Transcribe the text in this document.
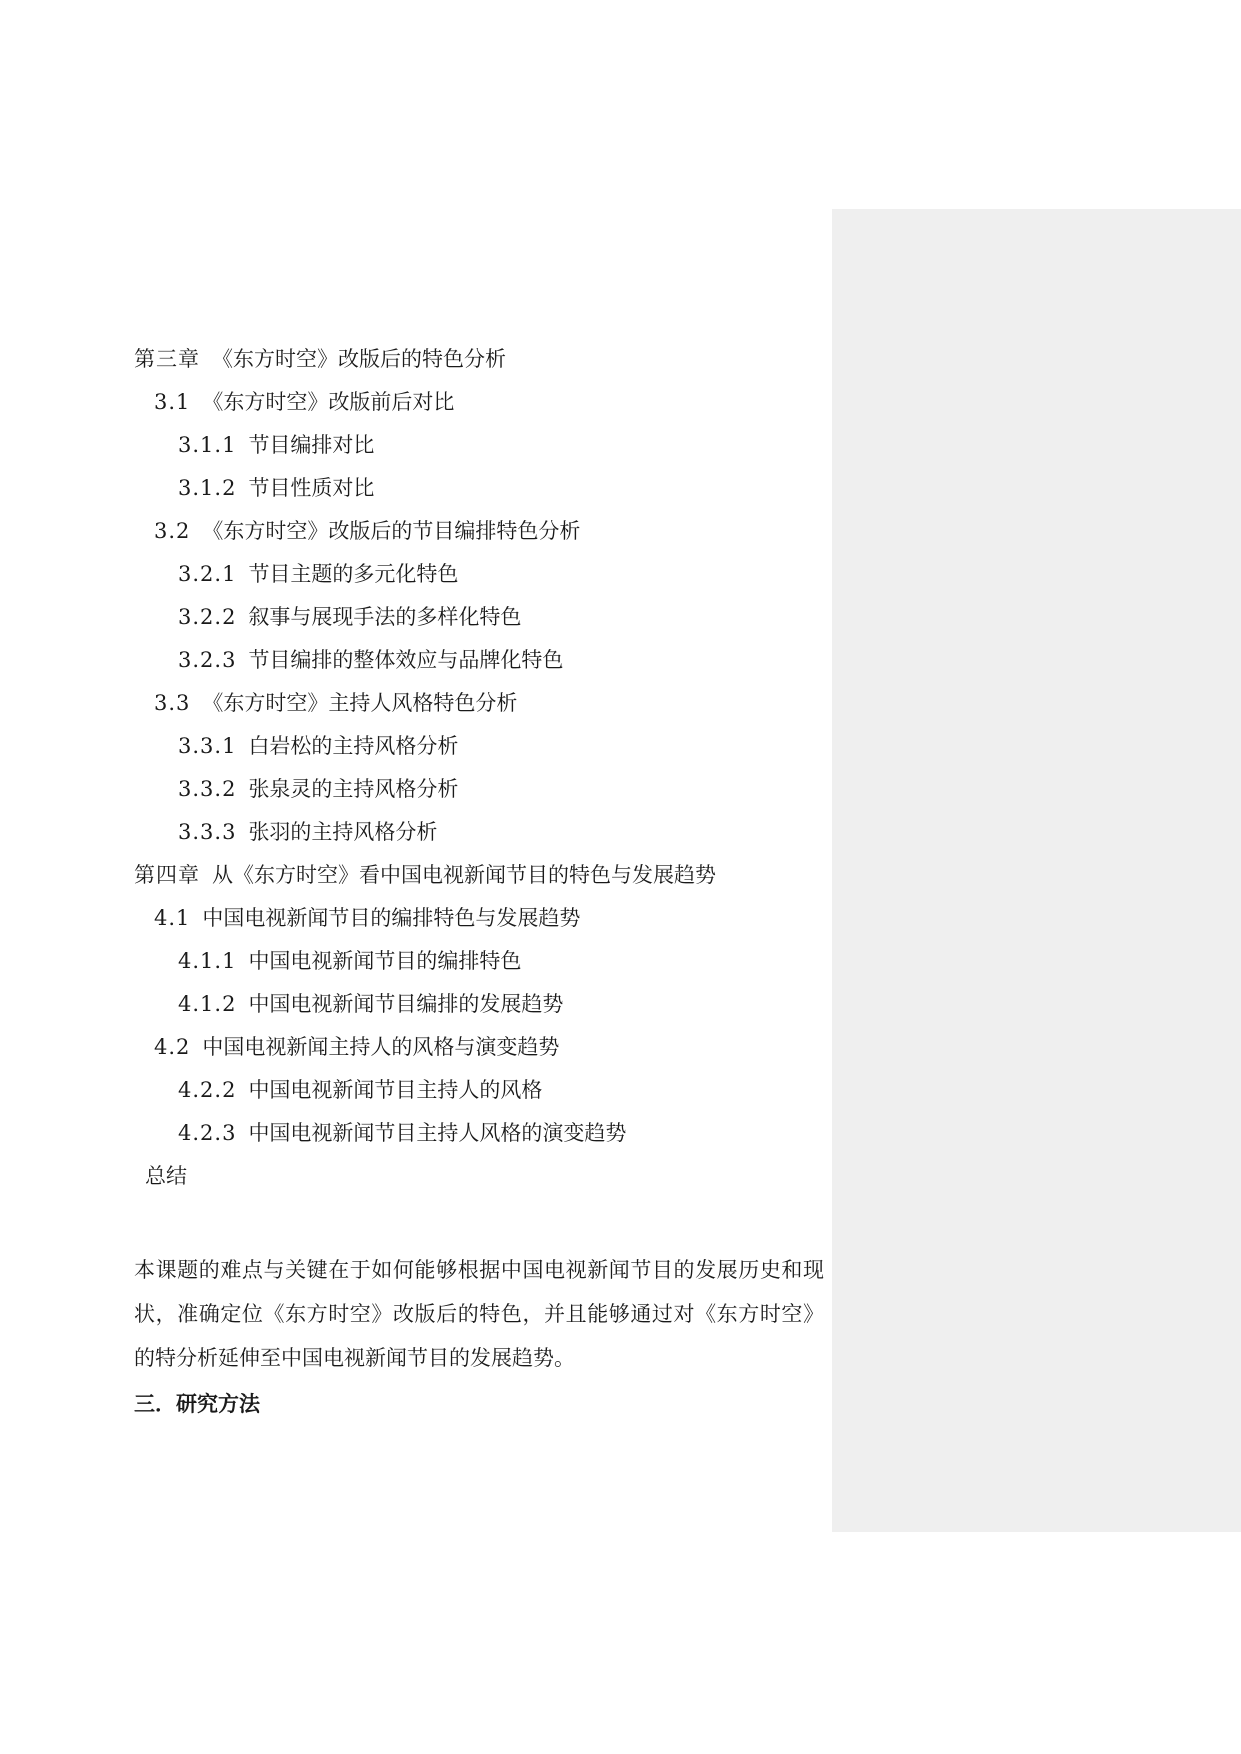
第三章 《东方时空》改版后的特色分析
3.1 《东方时空》改版前后对比
3.1.1 节目编排对比
3.1.2 节目性质对比
3.2 《东方时空》改版后的节目编排特色分析
3.2.1 节目主题的多元化特色
3.2.2 叙事与展现手法的多样化特色
3.2.3 节目编排的整体效应与品牌化特色
3.3 《东方时空》主持人风格特色分析
3.3.1 白岩松的主持风格分析
3.3.2 张泉灵的主持风格分析
3.3.3 张羽的主持风格分析
第四章 从《东方时空》看中国电视新闻节目的特色与发展趋势
4.1 中国电视新闻节目的编排特色与发展趋势
4.1.1 中国电视新闻节目的编排特色
4.1.2 中国电视新闻节目编排的发展趋势
4.2 中国电视新闻主持人的风格与演变趋势
4.2.2 中国电视新闻节目主持人的风格
4.2.3 中国电视新闻节目主持人风格的演变趋势
总结

本课题的难点与关键在于如何能够根据中国电视新闻节目的发展历史和现状，准确定位《东方时空》改版后的特色，并且能够通过对《东方时空》的特分析延伸至中国电视新闻节目的发展趋势。

三．研究方法
